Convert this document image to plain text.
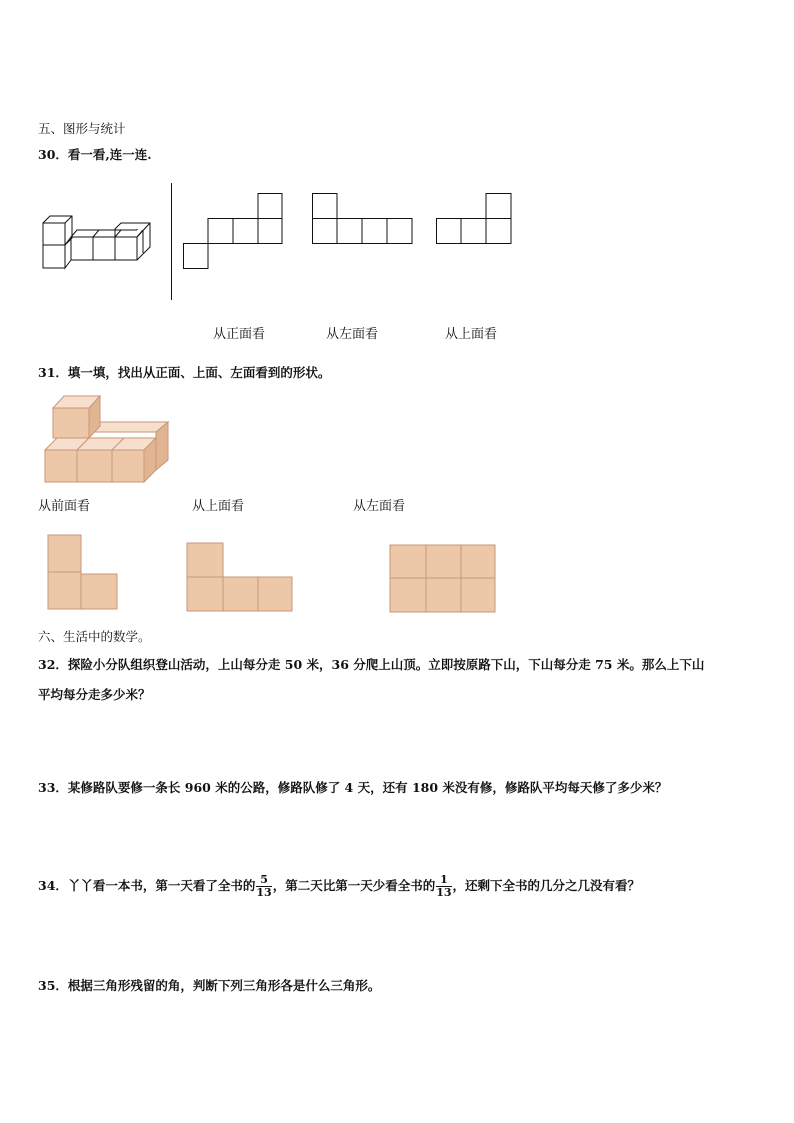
五、图形与统计
30．看一看,连一连.
从正面看	从左面看	从上面看
31．填一填，找出从正面、上面、左面看到的形状。
从前面看	从上面看	从左面看
六、生活中的数学。
32．探险小分队组织登山活动，上山每分走 50 米，36 分爬上山顶。立即按原路下山，下山每分走 75 米。那么上下山
平均每分走多少米？
33．某修路队要修一条长 960 米的公路，修路队修了 4 天，还有 180 米没有修，修路队平均每天修了多少米？
34．丫丫看一本书，第一天看了全书的 $\frac{5}{13}$ ，第二天比第一天少看全书的 $\frac{1}{13}$ ，还剩下全书的几分之几没有看？
35．根据三角形残留的角，判断下列三角形各是什么三角形。
